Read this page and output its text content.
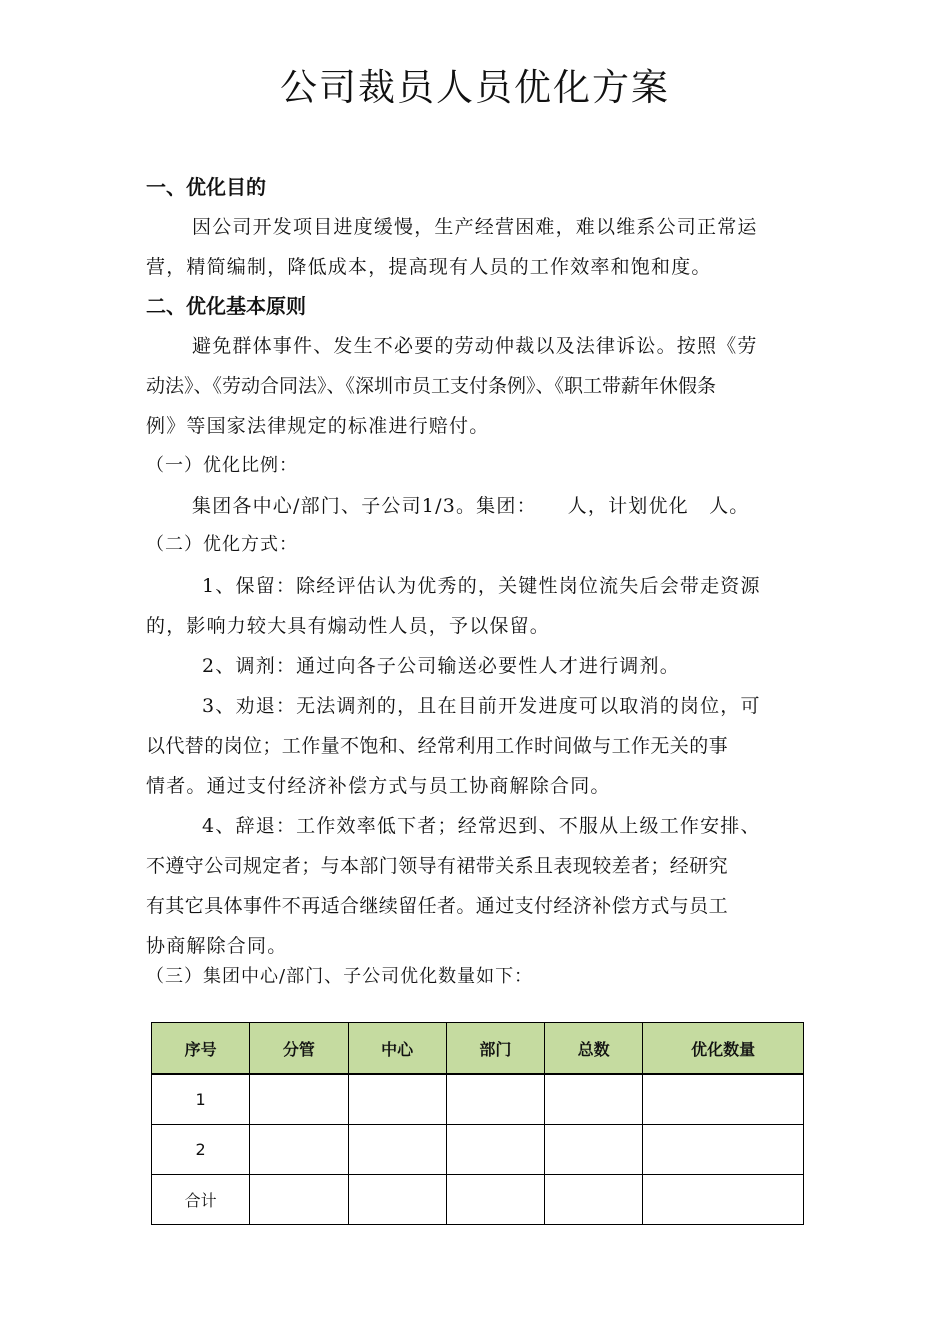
公司裁员人员优化方案
一、优化目的
因公司开发项目进度缓慢，生产经营困难，难以维系公司正常运
营，精简编制，降低成本，提高现有人员的工作效率和饱和度。
二、优化基本原则
避免群体事件、发生不必要的劳动仲裁以及法律诉讼。按照《劳
动法》、《劳动合同法》、《深圳市员工支付条例》、《职工带薪年休假条
例》等国家法律规定的标准进行赔付。
（一）优化比例：
集团各中心/部门、子公司1/3。集团：　　人，计划优化　人。
（二）优化方式：
1、保留：除经评估认为优秀的，关键性岗位流失后会带走资源
的，影响力较大具有煽动性人员，予以保留。
2、调剂：通过向各子公司输送必要性人才进行调剂。
3、劝退：无法调剂的，且在目前开发进度可以取消的岗位，可
以代替的岗位；工作量不饱和、经常利用工作时间做与工作无关的事
情者。通过支付经济补偿方式与员工协商解除合同。
4、辞退：工作效率低下者；经常迟到、不服从上级工作安排、
不遵守公司规定者；与本部门领导有裙带关系且表现较差者；经研究
有其它具体事件不再适合继续留任者。通过支付经济补偿方式与员工
协商解除合同。
（三）集团中心/部门、子公司优化数量如下：
序号	分管	中心	部门	总数	优化数量
1					
2					
合计					
